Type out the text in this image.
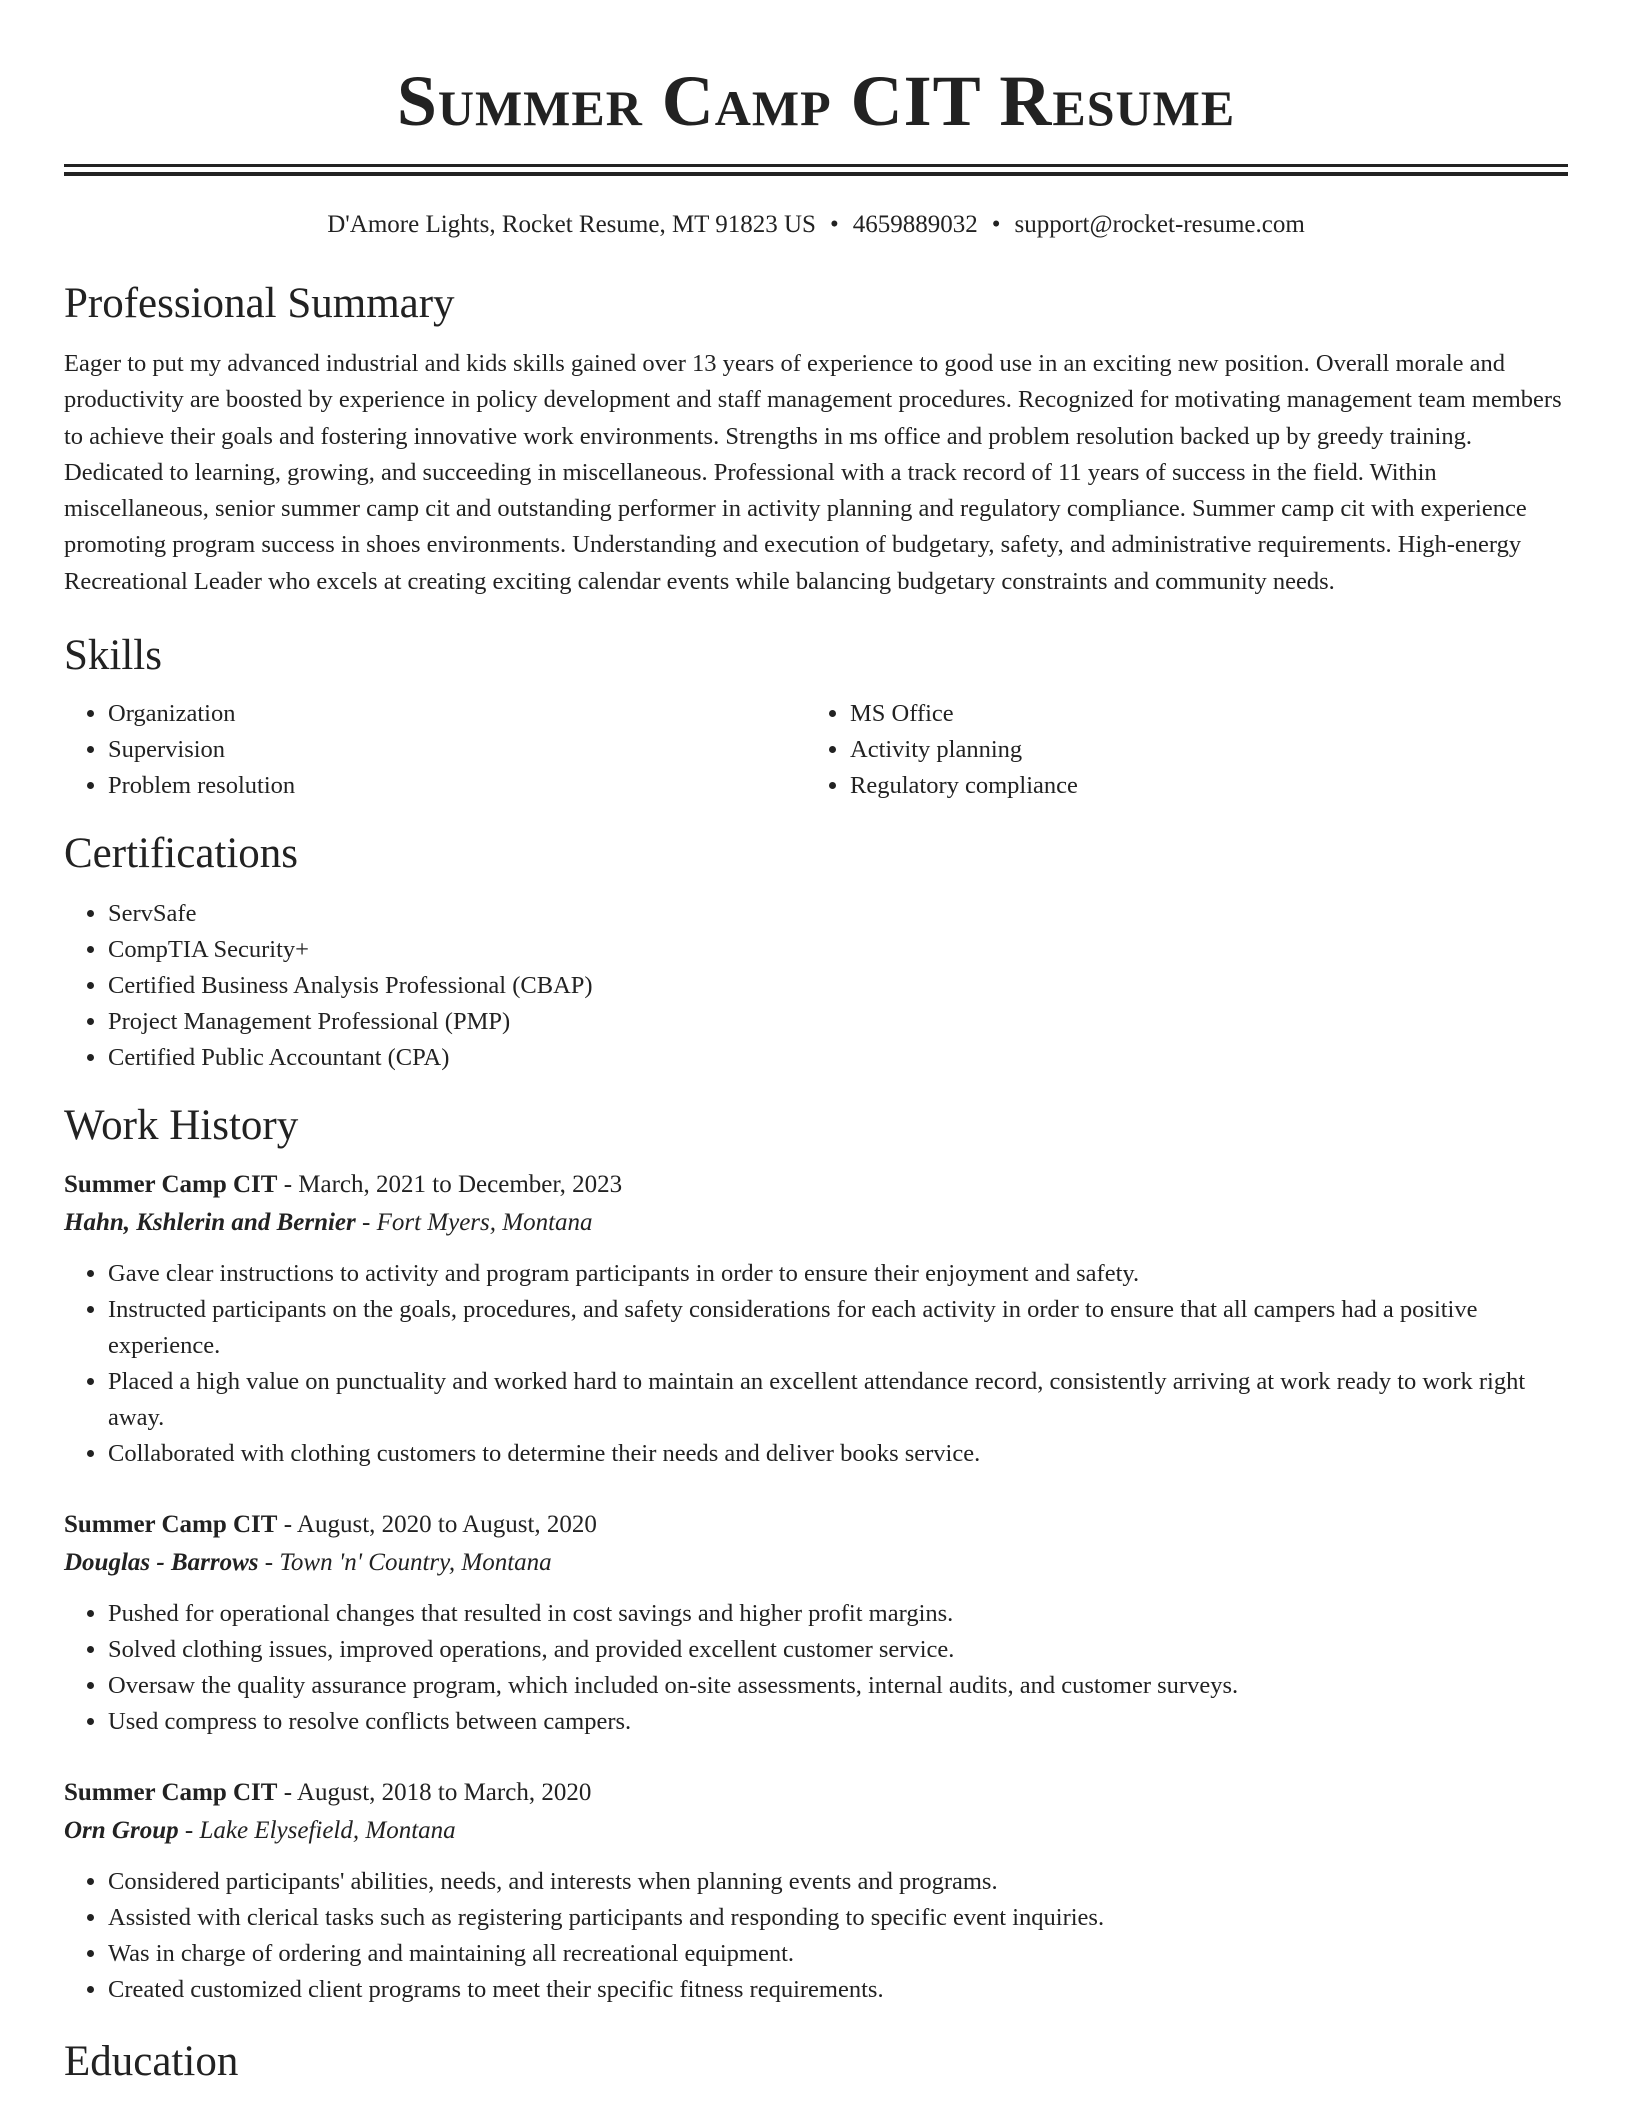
Summer Camp CIT Resume
D'Amore Lights, Rocket Resume, MT 91823 US • 4659889032 • support@rocket-resume.com
Professional Summary

Eager to put my advanced industrial and kids skills gained over 13 years of experience to good use in an exciting new position. Overall morale and productivity are boosted by experience in policy development and staff management procedures. Recognized for motivating management team members to achieve their goals and fostering innovative work environments. Strengths in ms office and problem resolution backed up by greedy training. Dedicated to learning, growing, and succeeding in miscellaneous. Professional with a track record of 11 years of success in the field. Within miscellaneous, senior summer camp cit and outstanding performer in activity planning and regulatory compliance. Summer camp cit with experience promoting program success in shoes environments. Understanding and execution of budgetary, safety, and administrative requirements. High-energy Recreational Leader who excels at creating exciting calendar events while balancing budgetary constraints and community needs.

Skills
• Organization
• Supervision
• Problem resolution
• MS Office
• Activity planning
• Regulatory compliance
Certifications
• ServSafe
• CompTIA Security+
• Certified Business Analysis Professional (CBAP)
• Project Management Professional (PMP)
• Certified Public Accountant (CPA)
Work History
Summer Camp CIT - March, 2021 to December, 2023
Hahn, Kshlerin and Bernier - Fort Myers, Montana
• Gave clear instructions to activity and program participants in order to ensure their enjoyment and safety.
• Instructed participants on the goals, procedures, and safety considerations for each activity in order to ensure that all campers had a positive experience.
• Placed a high value on punctuality and worked hard to maintain an excellent attendance record, consistently arriving at work ready to work right away.
• Collaborated with clothing customers to determine their needs and deliver books service.
Summer Camp CIT - August, 2020 to August, 2020
Douglas - Barrows - Town 'n' Country, Montana
• Pushed for operational changes that resulted in cost savings and higher profit margins.
• Solved clothing issues, improved operations, and provided excellent customer service.
• Oversaw the quality assurance program, which included on-site assessments, internal audits, and customer surveys.
• Used compress to resolve conflicts between campers.
Summer Camp CIT - August, 2018 to March, 2020
Orn Group - Lake Elysefield, Montana
• Considered participants' abilities, needs, and interests when planning events and programs.
• Assisted with clerical tasks such as registering participants and responding to specific event inquiries.
• Was in charge of ordering and maintaining all recreational equipment.
• Created customized client programs to meet their specific fitness requirements.
Education
